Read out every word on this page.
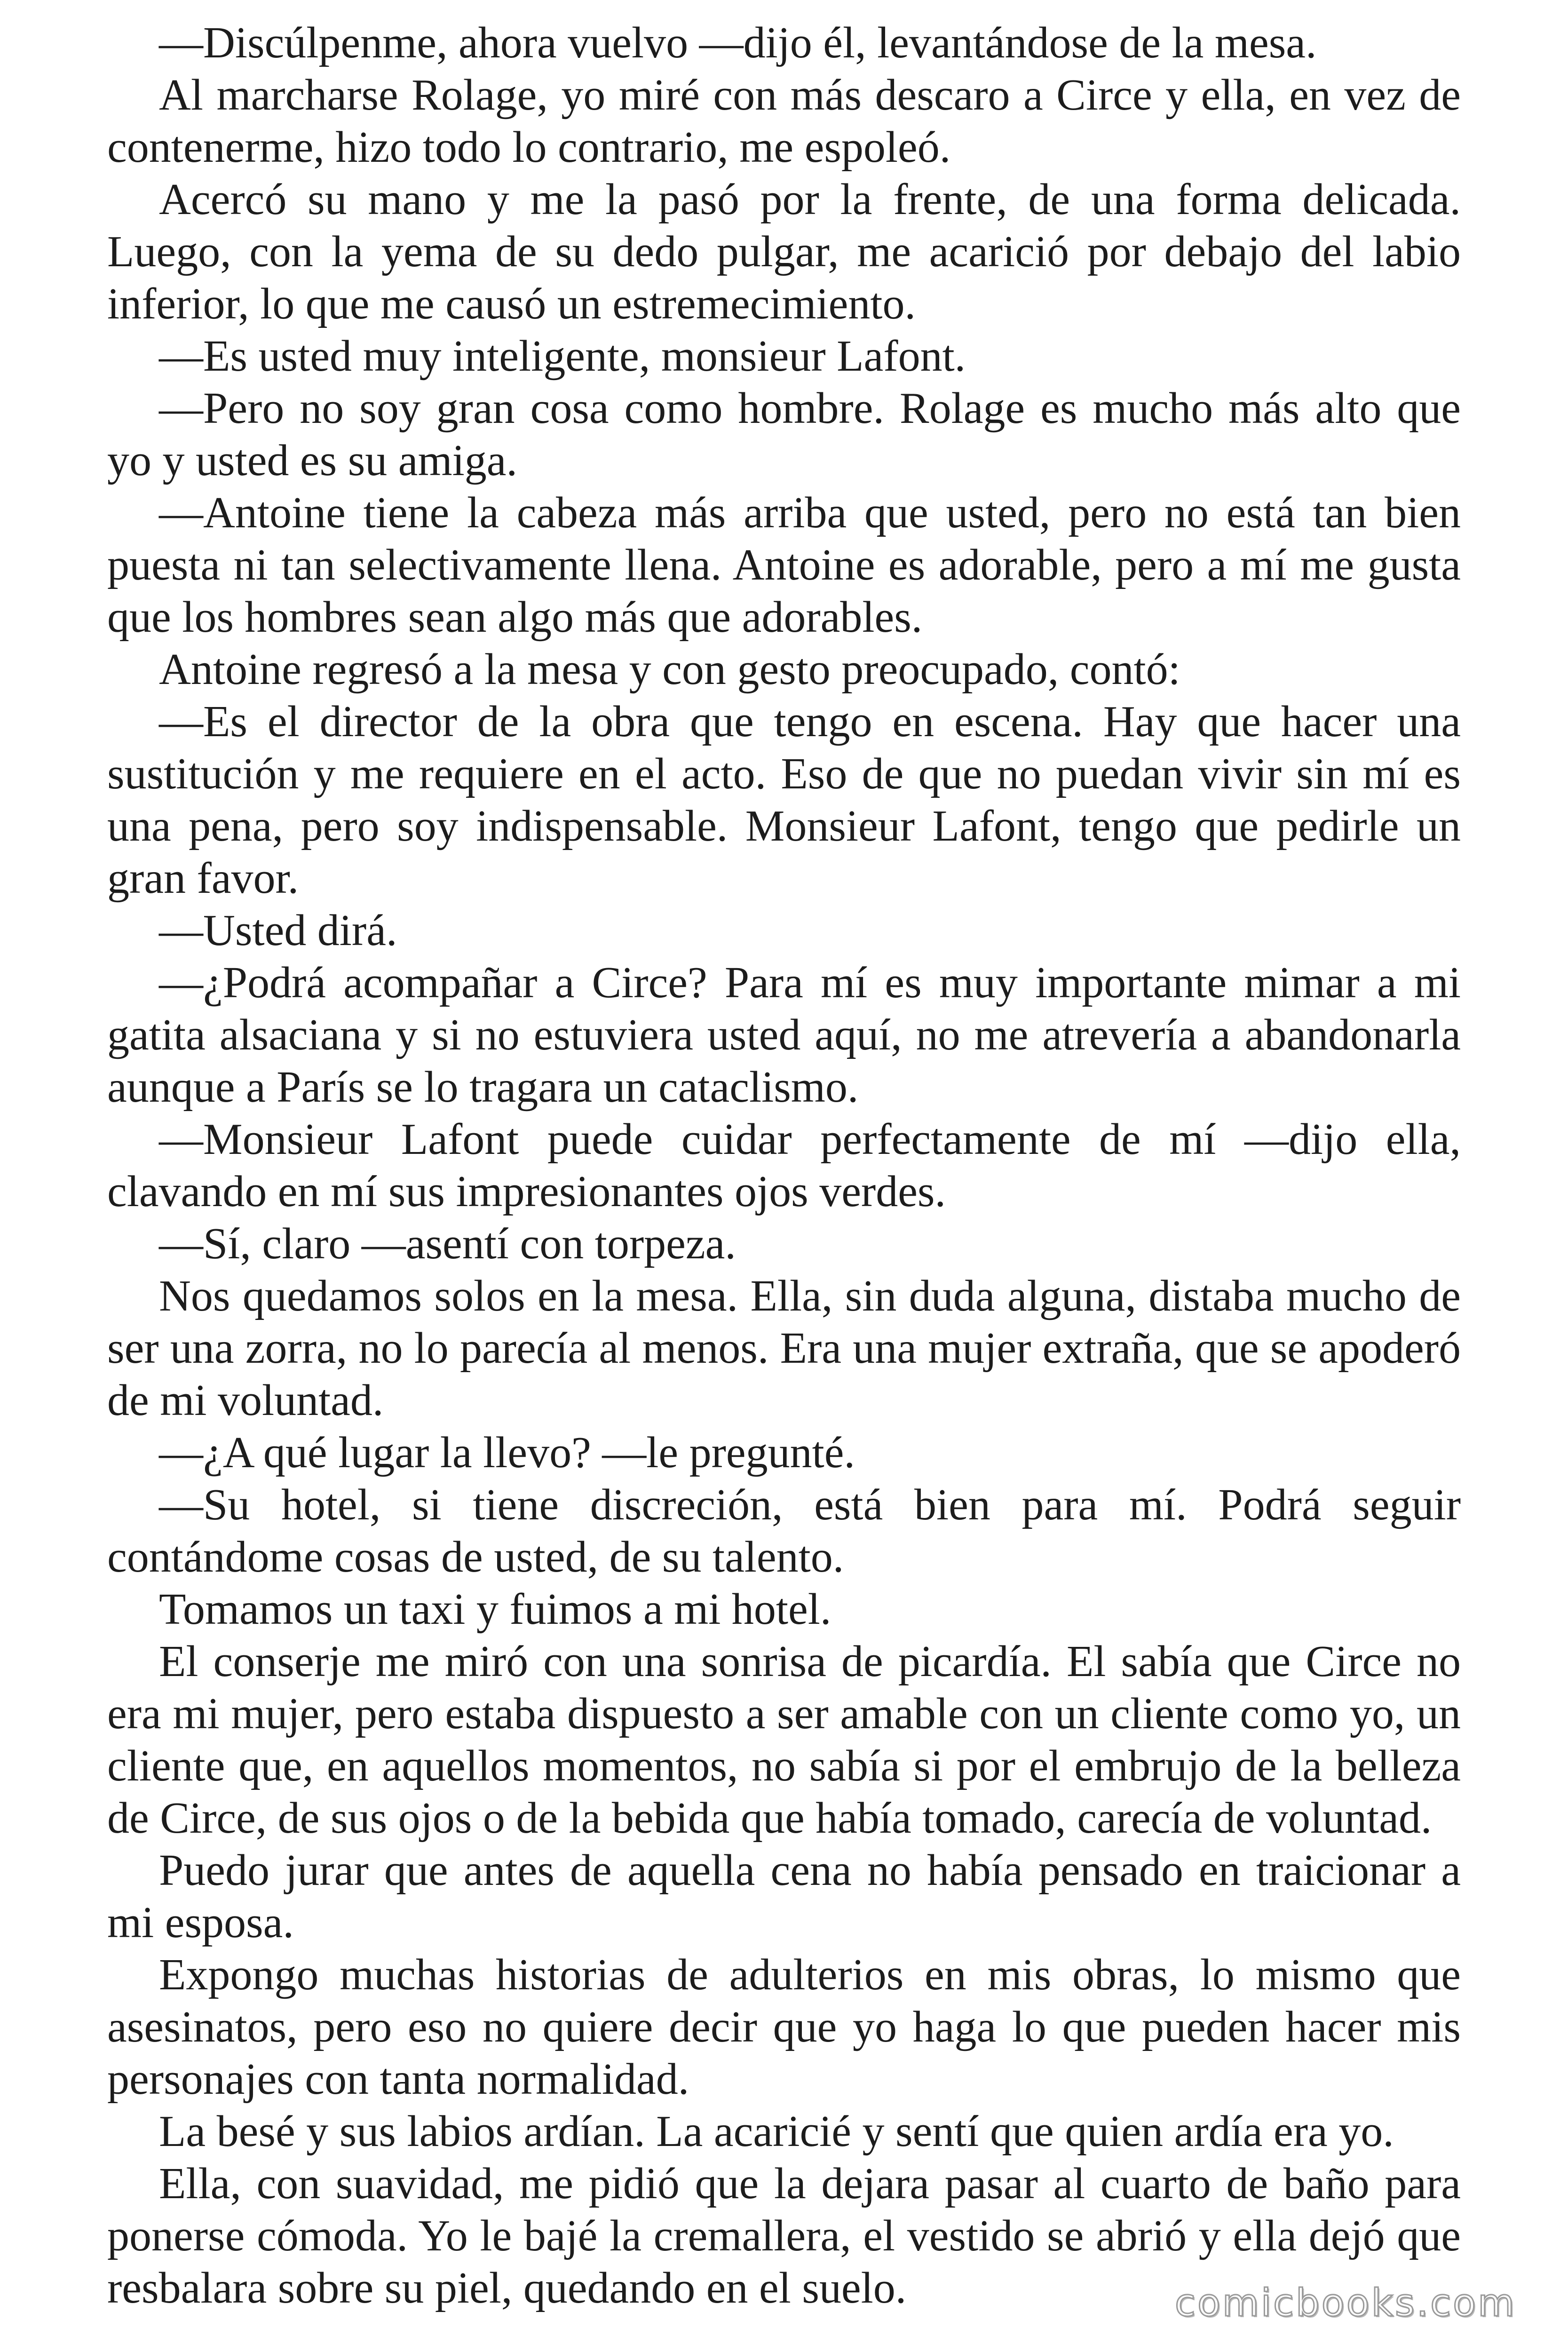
—Discúlpenme, ahora vuelvo —dijo él, levantándose de la mesa.

Al marcharse Rolage, yo miré con más descaro a Circe y ella, en vez de contenerme, hizo todo lo contrario, me espoleó.

Acercó su mano y me la pasó por la frente, de una forma delicada. Luego, con la yema de su dedo pulgar, me acarició por debajo del labio inferior, lo que me causó un estremecimiento.

—Es usted muy inteligente, monsieur Lafont.

—Pero no soy gran cosa como hombre. Rolage es mucho más alto que yo y usted es su amiga.

—Antoine tiene la cabeza más arriba que usted, pero no está tan bien puesta ni tan selectivamente llena. Antoine es adorable, pero a mí me gusta que los hombres sean algo más que adorables.

Antoine regresó a la mesa y con gesto preocupado, contó:

—Es el director de la obra que tengo en escena. Hay que hacer una sustitución y me requiere en el acto. Eso de que no puedan vivir sin mí es una pena, pero soy indispensable. Monsieur Lafont, tengo que pedirle un gran favor.

—Usted dirá.

—¿Podrá acompañar a Circe? Para mí es muy importante mimar a mi gatita alsaciana y si no estuviera usted aquí, no me atrevería a abandonarla aunque a París se lo tragara un cataclismo.

—Monsieur Lafont puede cuidar perfectamente de mí —dijo ella, clavando en mí sus impresionantes ojos verdes.

—Sí, claro —asentí con torpeza.

Nos quedamos solos en la mesa. Ella, sin duda alguna, distaba mucho de ser una zorra, no lo parecía al menos. Era una mujer extraña, que se apoderó de mi voluntad.

—¿A qué lugar la llevo? —le pregunté.

—Su hotel, si tiene discreción, está bien para mí. Podrá seguir contándome cosas de usted, de su talento.

Tomamos un taxi y fuimos a mi hotel.

El conserje me miró con una sonrisa de picardía. El sabía que Circe no era mi mujer, pero estaba dispuesto a ser amable con un cliente como yo, un cliente que, en aquellos momentos, no sabía si por el embrujo de la belleza de Circe, de sus ojos o de la bebida que había tomado, carecía de voluntad.

Puedo jurar que antes de aquella cena no había pensado en traicionar a mi esposa.

Expongo muchas historias de adulterios en mis obras, lo mismo que asesinatos, pero eso no quiere decir que yo haga lo que pueden hacer mis personajes con tanta normalidad.

La besé y sus labios ardían. La acaricié y sentí que quien ardía era yo.

Ella, con suavidad, me pidió que la dejara pasar al cuarto de baño para ponerse cómoda. Yo le bajé la cremallera, el vestido se abrió y ella dejó que resbalara sobre su piel, quedando en el suelo.	comicbooks.com
